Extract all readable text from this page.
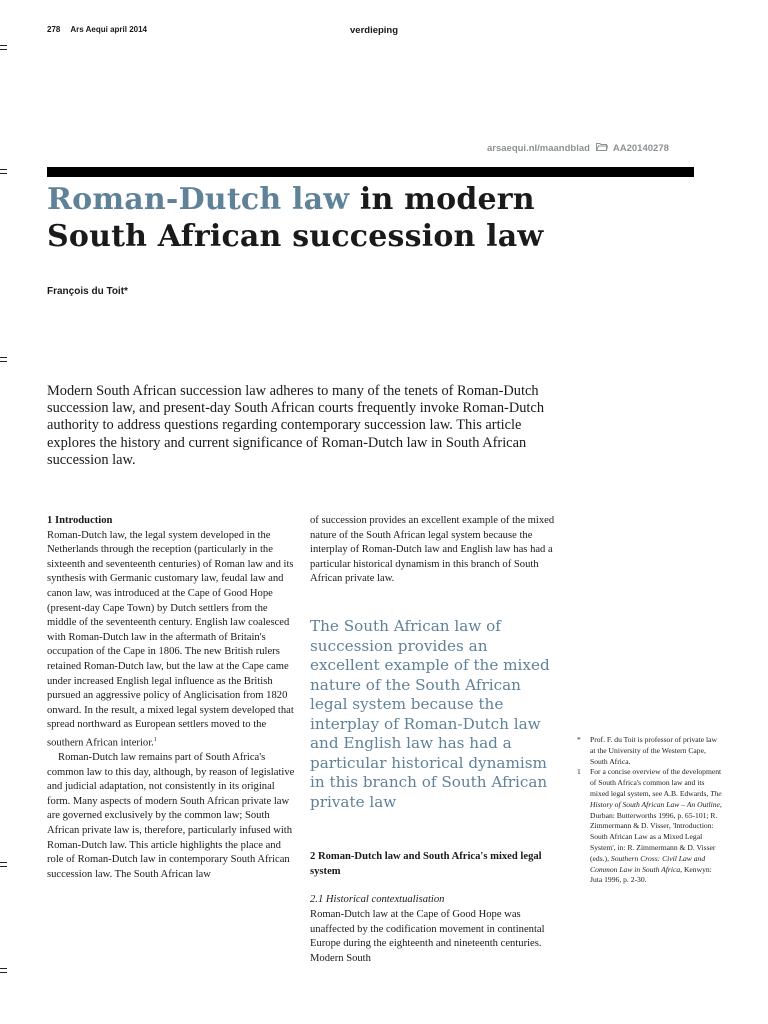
278 Ars Aequi april 2014	verdieping
arsaequi.nl/maandblad AA20140278
Roman-Dutch law in modern
South African succession law
François du Toit*
Modern South African succession law adheres to many of the tenets of Roman-Dutch succession law, and present-day South African courts frequently invoke Roman-Dutch authority to address questions regarding contemporary succession law. This article explores the history and current significance of Roman-Dutch law in South African succession law.

1 Introduction

Roman-Dutch law, the legal system developed in the Netherlands through the reception (particularly in the sixteenth and seventeenth centuries) of Roman law and its synthesis with Germanic customary law, feudal law and canon law, was introduced at the Cape of Good Hope (present-day Cape Town) by Dutch settlers from the middle of the seventeenth century. English law coalesced with Roman-Dutch law in the aftermath of Britain's occupation of the Cape in 1806. The new British rulers retained Roman-Dutch law, but the law at the Cape came under increased English legal influence as the British pursued an aggressive policy of Anglicisation from 1820 onward. In the result, a mixed legal system developed that spread northward as European settlers moved to the southern African interior.$^1$

Roman-Dutch law remains part of South Africa's common law to this day, although, by reason of legislative and judicial adaptation, not consistently in its original form. Many aspects of modern South African private law are governed exclusively by the common law; South African private law is, therefore, particularly infused with Roman-Dutch law. This article highlights the place and role of Roman-Dutch law in contemporary South African succession law. The South African law

of succession provides an excellent example of the mixed nature of the South African legal system because the interplay of Roman-Dutch law and English law has had a particular historical dynamism in this branch of South African private law.

The South African law of succession provides an excellent example of the mixed nature of the South African legal system because the interplay of Roman-Dutch law and English law has had a particular historical dynamism in this branch of South African private law
2 Roman-Dutch law and South Africa's mixed legal system
2.1 Historical contextualisation
Roman-Dutch law at the Cape of Good Hope was unaffected by the codification movement in continental Europe during the eighteenth and nineteenth centuries. Modern South

* Prof. F. du Toit is professor of private law at the University of the Western Cape, South Africa.

1 For a concise overview of the development of South Africa's common law and its mixed legal system, see A.B. Edwards, The History of South African Law – An Outline, Durban: Butterworths 1996, p. 65-101; R. Zimmermann & D. Visser, 'Introduction: South African Law as a Mixed Legal System', in: R. Zimmermann & D. Visser (eds.), Southern Cross: Civil Law and Common Law in South Africa, Kenwyn: Juta 1996, p. 2-30.
